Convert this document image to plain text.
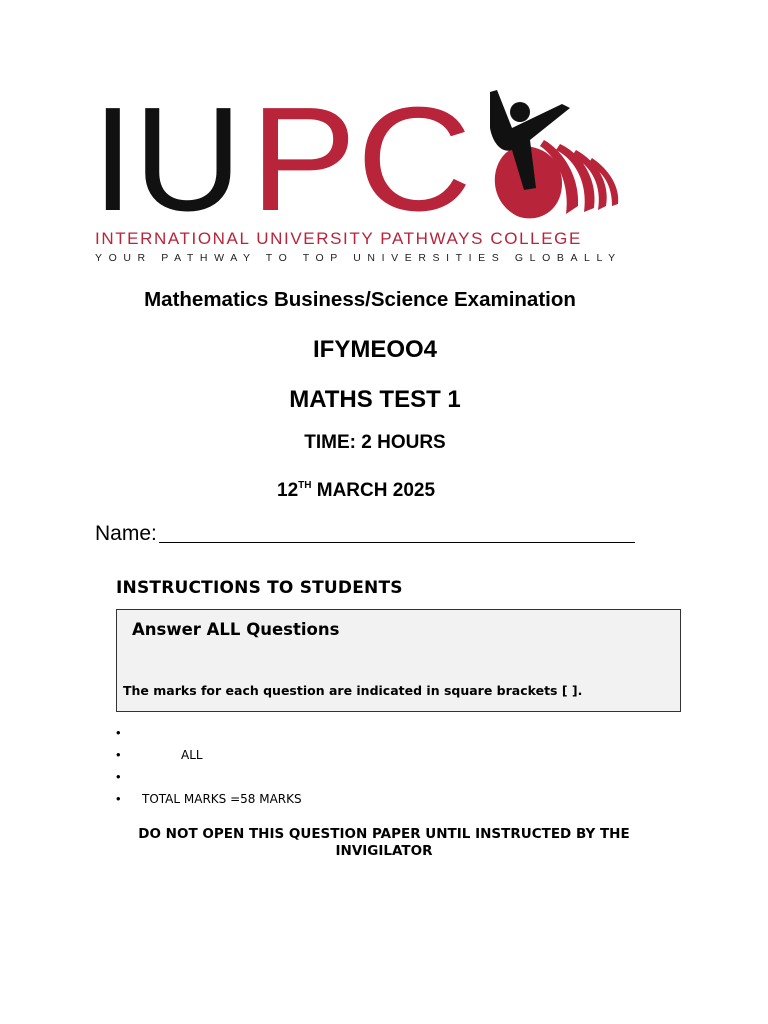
IU PC
INTERNATIONAL UNIVERSITY PATHWAYS COLLEGE
YOUR PATHWAY TO TOP UNIVERSITIES GLOBALLY
Mathematics Business/Science Examination
IFYMEOO4
MATHS TEST 1
TIME: 2 HOURS
12TH MARCH 2025
Name:
INSTRUCTIONS TO STUDENTS
Answer ALL Questions
The marks for each question are indicated in square brackets [ ].
•
•	ALL
•
• TOTAL MARKS =58 MARKS
DO NOT OPEN THIS QUESTION PAPER UNTIL INSTRUCTED BY THE
INVIGILATOR
